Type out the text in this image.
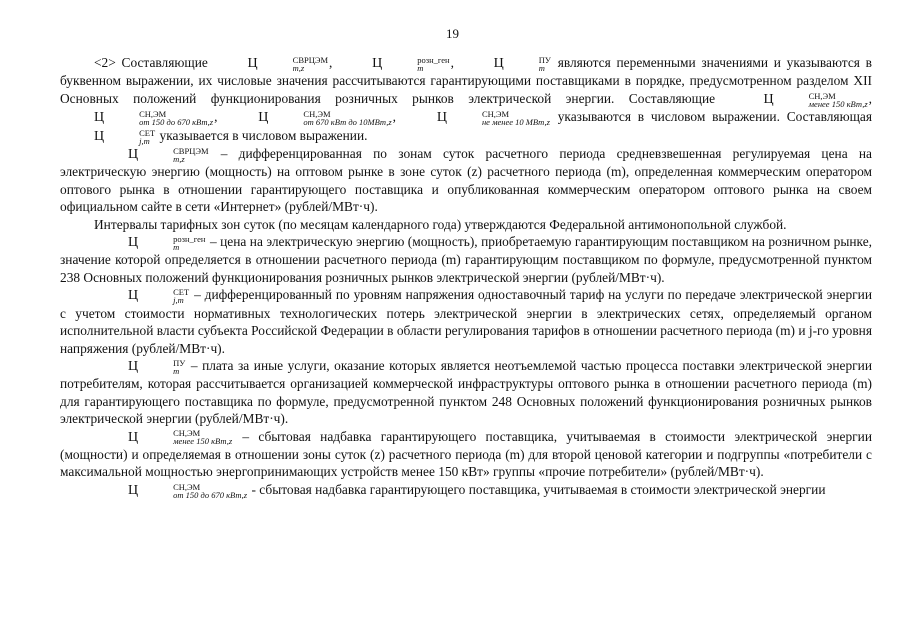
19

<2> Составляющие Ц	СВРЦЭМ
m,z	, Ц	розн_ген
m	, Ц	ПУ
m являются переменными значениями и указываются в буквенном выражении, их числовые значения рассчитываются гарантирующими поставщиками в порядке, предусмотренном разделом XII Основных положений функционирования розничных рынков электрической энергии. Составляющие Ц	СН,ЭМ
менее 150 кВт,z , Ц	СН,ЭМ
от 150 до 670 кВт,z , Ц	СН,ЭМ
от 670 кВт до 10МВт,z , Ц	СН,ЭМ
не менее 10 МВт,z указываются в числовом выражении. Составляющая Ц	СЕТ
j,m указывается в числовом выражении.

Ц	СВРЦЭМ
m,z	– дифференцированная по зонам суток расчетного периода средневзвешенная регулируемая цена на электрическую энергию (мощность) на оптовом рынке в зоне суток (z) расчетного периода (m), определенная коммерческим оператором оптового рынка в отношении гарантирующего поставщика и опубликованная коммерческим оператором оптового рынка на своем официальном сайте в сети «Интернет» (рублей/МВт·ч).

Интервалы тарифных зон суток (по месяцам календарного года) утверждаются Федеральной антимонопольной службой.

Ц	розн_ген
m	– цена на электрическую энергию (мощность), приобретаемую гарантирующим поставщиком на розничном рынке, значение которой определяется в отношении расчетного периода (m) гарантирующим поставщиком по формуле, предусмотренной пунктом 238 Основных положений функционирования розничных рынков электрической энергии (рублей/МВт·ч).

Ц	СЕТ
j,m – дифференцированный по уровням напряжения одноставочный тариф на услуги по передаче электрической энергии с учетом стоимости нормативных технологических потерь электрической энергии в электрических сетях, определяемый органом исполнительной власти субъекта Российской Федерации в области регулирования тарифов в отношении расчетного периода (m) и j-го уровня напряжения (рублей/МВт·ч).

Ц	ПУ
m – плата за иные услуги, оказание которых является неотъемлемой частью процесса поставки электрической энергии потребителям, которая рассчитывается организацией коммерческой инфраструктуры оптового рынка в отношении расчетного периода (m) для гарантирующего поставщика по формуле, предусмотренной пунктом 248 Основных положений функционирования розничных рынков электрической энергии (рублей/МВт·ч).

Ц	СН,ЭМ
менее 150 кВт,z – сбытовая надбавка гарантирующего поставщика, учитываемая в стоимости электрической энергии (мощности) и определяемая в отношении зоны суток (z) расчетного периода (m) для второй ценовой категории и подгруппы «потребители с максимальной мощностью энергопринимающих устройств менее 150 кВт» группы «прочие потребители» (рублей/МВт·ч).

Ц	СН,ЭМ
от 150 до 670 кВт,z - сбытовая надбавка гарантирующего поставщика, учитываемая в стоимости электрической энергии
